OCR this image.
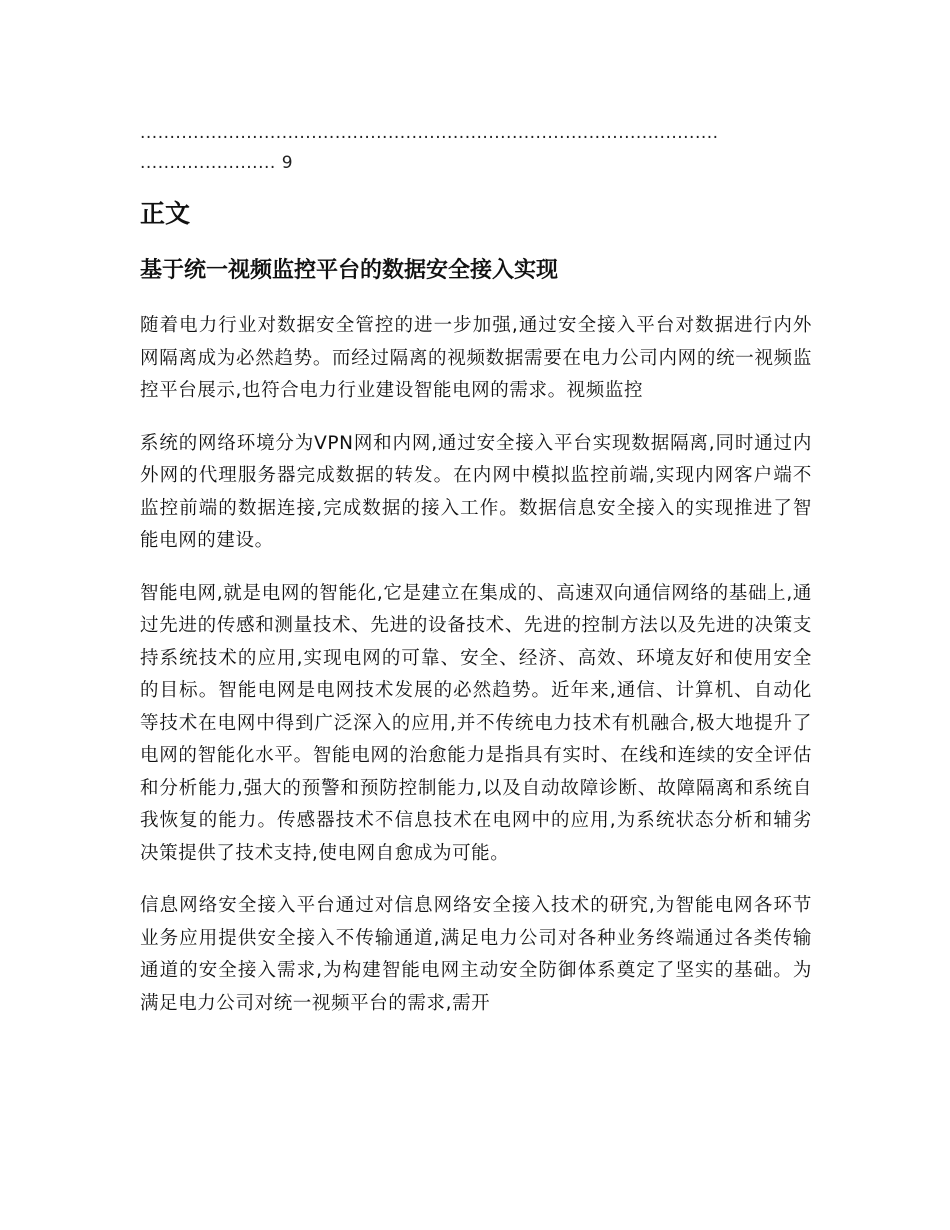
..................................................................................................
....................... 9
正文
基于统一视频监控平台的数据安全接入实现

随着电力行业对数据安全管控的进一步加强,通过安全接入平台对数据进行内外网隔离成为必然趋势。而经过隔离的视频数据需要在电力公司内网的统一视频监控平台展示,也符合电力行业建设智能电网的需求。视频监控

系统的网络环境分为VPN网和内网,通过安全接入平台实现数据隔离,同时通过内外网的代理服务器完成数据的转发。在内网中模拟监控前端,实现内网客户端不监控前端的数据连接,完成数据的接入工作。数据信息安全接入的实现推进了智能电网的建设。

智能电网,就是电网的智能化,它是建立在集成的、高速双向通信网络的基础上,通过先进的传感和测量技术、先进的设备技术、先进的控制方法以及先进的决策支持系统技术的应用,实现电网的可靠、安全、经济、高效、环境友好和使用安全的目标。智能电网是电网技术发展的必然趋势。近年来,通信、计算机、自动化等技术在电网中得到广泛深入的应用,并不传统电力技术有机融合,极大地提升了电网的智能化水平。智能电网的治愈能力是指具有实时、在线和连续的安全评估和分析能力,强大的预警和预防控制能力,以及自动故障诊断、故障隔离和系统自我恢复的能力。传感器技术不信息技术在电网中的应用,为系统状态分析和辅劣决策提供了技术支持,使电网自愈成为可能。

信息网络安全接入平台通过对信息网络安全接入技术的研究,为智能电网各环节业务应用提供安全接入不传输通道,满足电力公司对各种业务终端通过各类传输通道的安全接入需求,为构建智能电网主动安全防御体系奠定了坚实的基础。为满足电力公司对统一视频平台的需求,需开
